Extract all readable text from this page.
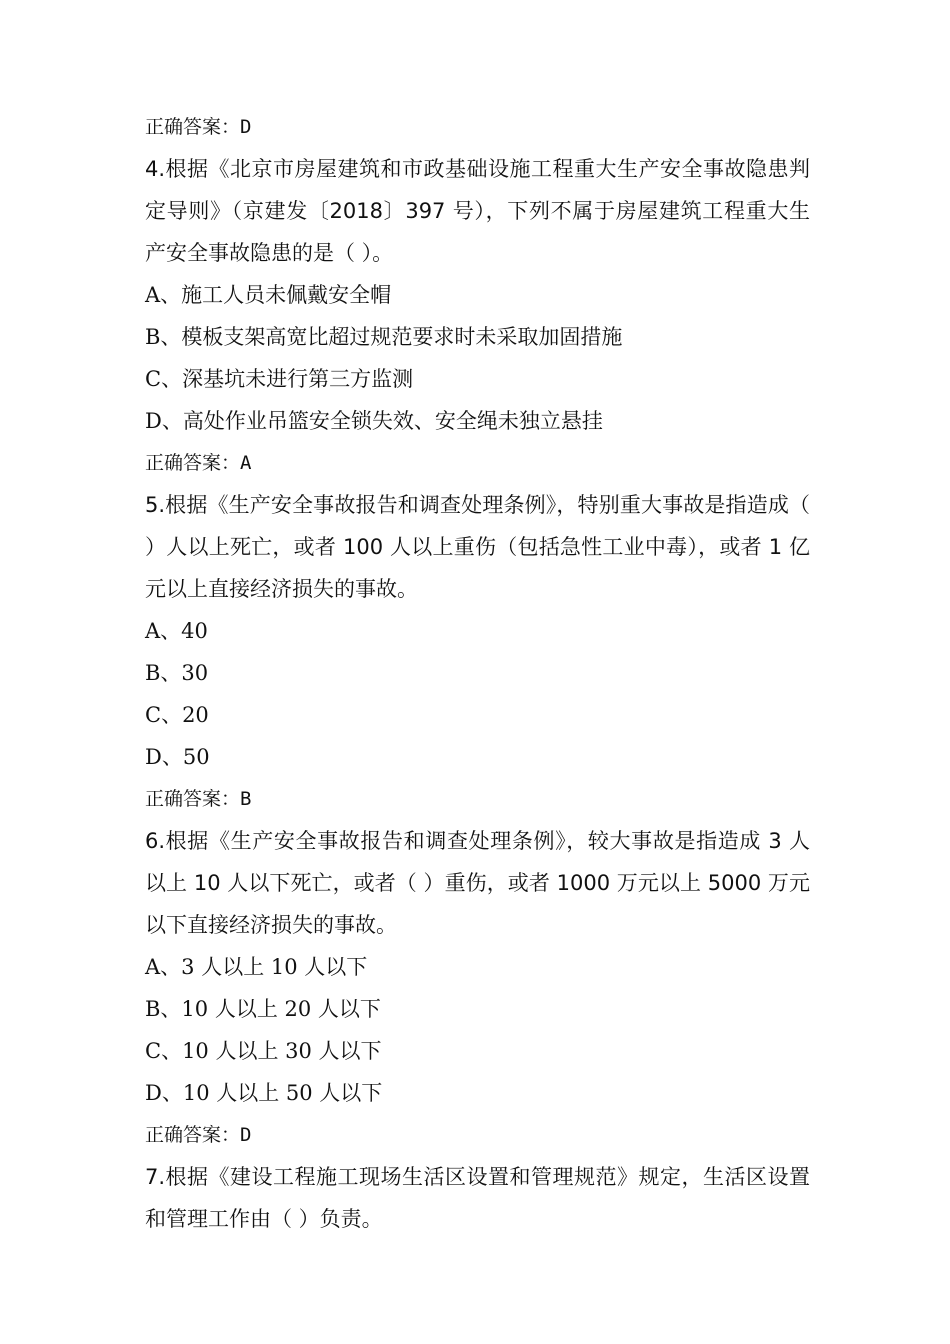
正确答案：D
4.根据《北京市房屋建筑和市政基础设施工程重大生产安全事故隐患判定导则》（京建发〔2018〕397 号），下列不属于房屋建筑工程重大生产安全事故隐患的是（ ）。
A、施工人员未佩戴安全帽
B、模板支架高宽比超过规范要求时未采取加固措施
C、深基坑未进行第三方监测
D、高处作业吊篮安全锁失效、安全绳未独立悬挂
正确答案：A
5.根据《生产安全事故报告和调查处理条例》，特别重大事故是指造成（ ）人以上死亡，或者 100 人以上重伤（包括急性工业中毒），或者 1 亿元以上直接经济损失的事故。
A、40
B、30
C、20
D、50
正确答案：B
6.根据《生产安全事故报告和调查处理条例》，较大事故是指造成 3 人以上 10 人以下死亡，或者（ ）重伤，或者 1000 万元以上 5000 万元以下直接经济损失的事故。
A、3 人以上 10 人以下
B、10 人以上 20 人以下
C、10 人以上 30 人以下
D、10 人以上 50 人以下
正确答案：D
7.根据《建设工程施工现场生活区设置和管理规范》规定，生活区设置和管理工作由（ ）负责。
